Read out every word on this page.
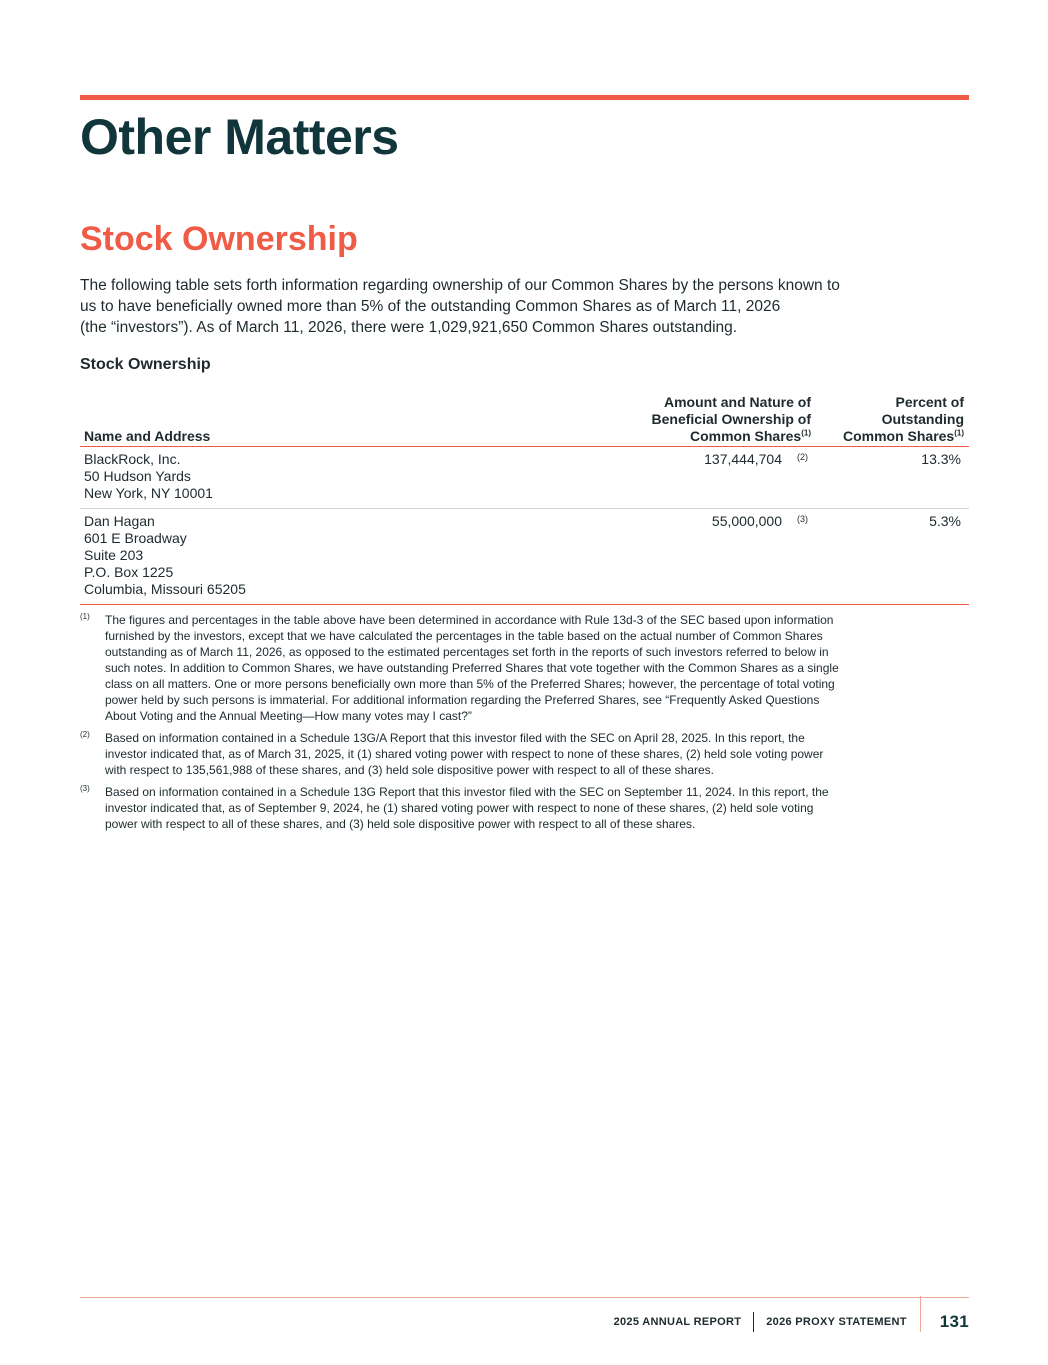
Other Matters
Stock Ownership

The following table sets forth information regarding ownership of our Common Shares by the persons known to
us to have beneficially owned more than 5% of the outstanding Common Shares as of March 11, 2026
(the “investors”). As of March 11, 2026, there were 1,029,921,650 Common Shares outstanding.

Stock Ownership
Name and Address
Amount and Nature of
Beneficial Ownership of
Common Shares$^{(1)}$
Percent of
Outstanding
Common Shares$^{(1)}$
BlackRock, Inc.
50 Hudson Yards
New York, NY 10001
137,444,704 (2)	13.3%
Dan Hagan
601 E Broadway
Suite 203
P.O. Box 1225
Columbia, Missouri 65205
55,000,000 (3)	5.3%
(1) The figures and percentages in the table above have been determined in accordance with Rule 13d-3 of the SEC based upon information
furnished by the investors, except that we have calculated the percentages in the table based on the actual number of Common Shares
outstanding as of March 11, 2026, as opposed to the estimated percentages set forth in the reports of such investors referred to below in
such notes. In addition to Common Shares, we have outstanding Preferred Shares that vote together with the Common Shares as a single
class on all matters. One or more persons beneficially own more than 5% of the Preferred Shares; however, the percentage of total voting
power held by such persons is immaterial. For additional information regarding the Preferred Shares, see “Frequently Asked Questions
About Voting and the Annual Meeting—How many votes may I cast?”
(2) Based on information contained in a Schedule 13G/A Report that this investor filed with the SEC on April 28, 2025. In this report, the
investor indicated that, as of March 31, 2025, it (1) shared voting power with respect to none of these shares, (2) held sole voting power
with respect to 135,561,988 of these shares, and (3) held sole dispositive power with respect to all of these shares.
(3) Based on information contained in a Schedule 13G Report that this investor filed with the SEC on September 11, 2024. In this report, the
investor indicated that, as of September 9, 2024, he (1) shared voting power with respect to none of these shares, (2) held sole voting
power with respect to all of these shares, and (3) held sole dispositive power with respect to all of these shares.
2025 ANNUAL REPORT 2026 PROXY STATEMENT 131
